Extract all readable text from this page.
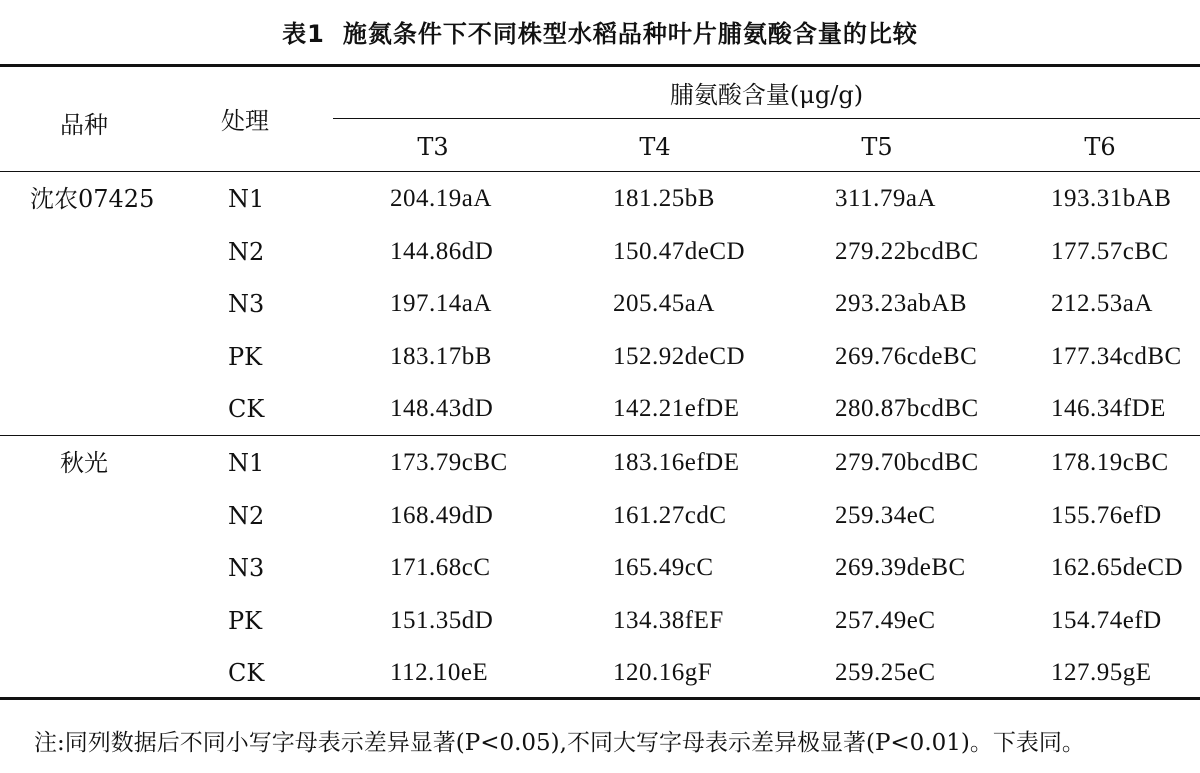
表1 施氮条件下不同株型水稻品种叶片脯氨酸含量的比较
品种	处理
脯氨酸含量(μg/g)
T3	T4	T5	T6
沈农07425	N1	204.19aA	181.25bB	311.79aA	193.31bAB
N2	144.86dD	150.47deCD	279.22bcdBC	177.57cBC
N3	197.14aA	205.45aA	293.23abAB	212.53aA
PK	183.17bB	152.92deCD	269.76cdeBC	177.34cdBC
CK	148.43dD	142.21efDE	280.87bcdBC	146.34fDE
秋光	N1	173.79cBC	183.16efDE	279.70bcdBC	178.19cBC
N2	168.49dD	161.27cdC	259.34eC	155.76efD
N3	171.68cC	165.49cC	269.39deBC	162.65deCD
PK	151.35dD	134.38fEF	257.49eC	154.74efD
CK	112.10eE	120.16gF	259.25eC	127.95gE
注:同列数据后不同小写字母表示差异显著(P<0.05),不同大写字母表示差异极显著(P<0.01)。下表同。
